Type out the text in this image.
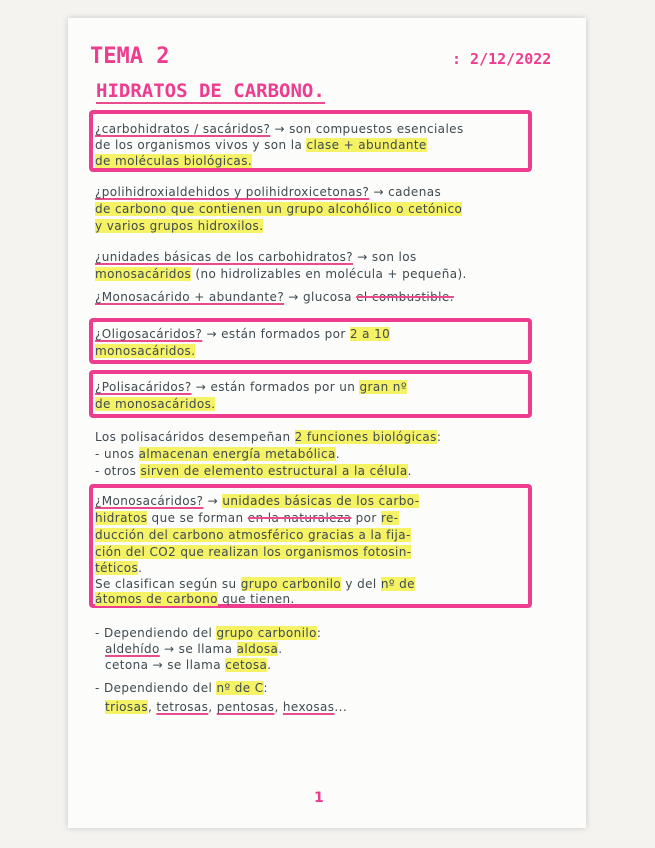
TEMA 2	: 2/12/2022
HIDRATOS DE CARBONO.
¿carbohidratos / sacáridos? → son compuestos esenciales
de los organismos vivos y son la clase + abundante
de moléculas biológicas.
¿polihidroxialdehidos y polihidroxicetonas? → cadenas
de carbono que contienen un grupo alcohólico o cetónico
y varios grupos hidroxilos.
¿unidades básicas de los carbohidratos? → son los
monosacáridos (no hidrolizables en molécula + pequeña).
¿Monosacárido + abundante? → glucosa el combustible.
¿Oligosacáridos? → están formados por 2 a 10
monosacáridos.
¿Polisacáridos? → están formados por un gran nº
de monosacáridos.
Los polisacáridos desempeñan 2 funciones biológicas:
- unos almacenan energía metabólica.
- otros sirven de elemento estructural a la célula.
¿Monosacáridos? → unidades básicas de los carbo-
hidratos que se forman en la naturaleza por re-
ducción del carbono atmosférico gracias a la fija-
ción del CO2 que realizan los organismos fotosin-
téticos.
Se clasifican según su grupo carbonilo y del nº de
átomos de carbono que tienen.
- Dependiendo del grupo carbonilo:
aldehído → se llama aldosa.
cetona → se llama cetosa.
- Dependiendo del nº de C:
triosas, tetrosas, pentosas, hexosas...
1
